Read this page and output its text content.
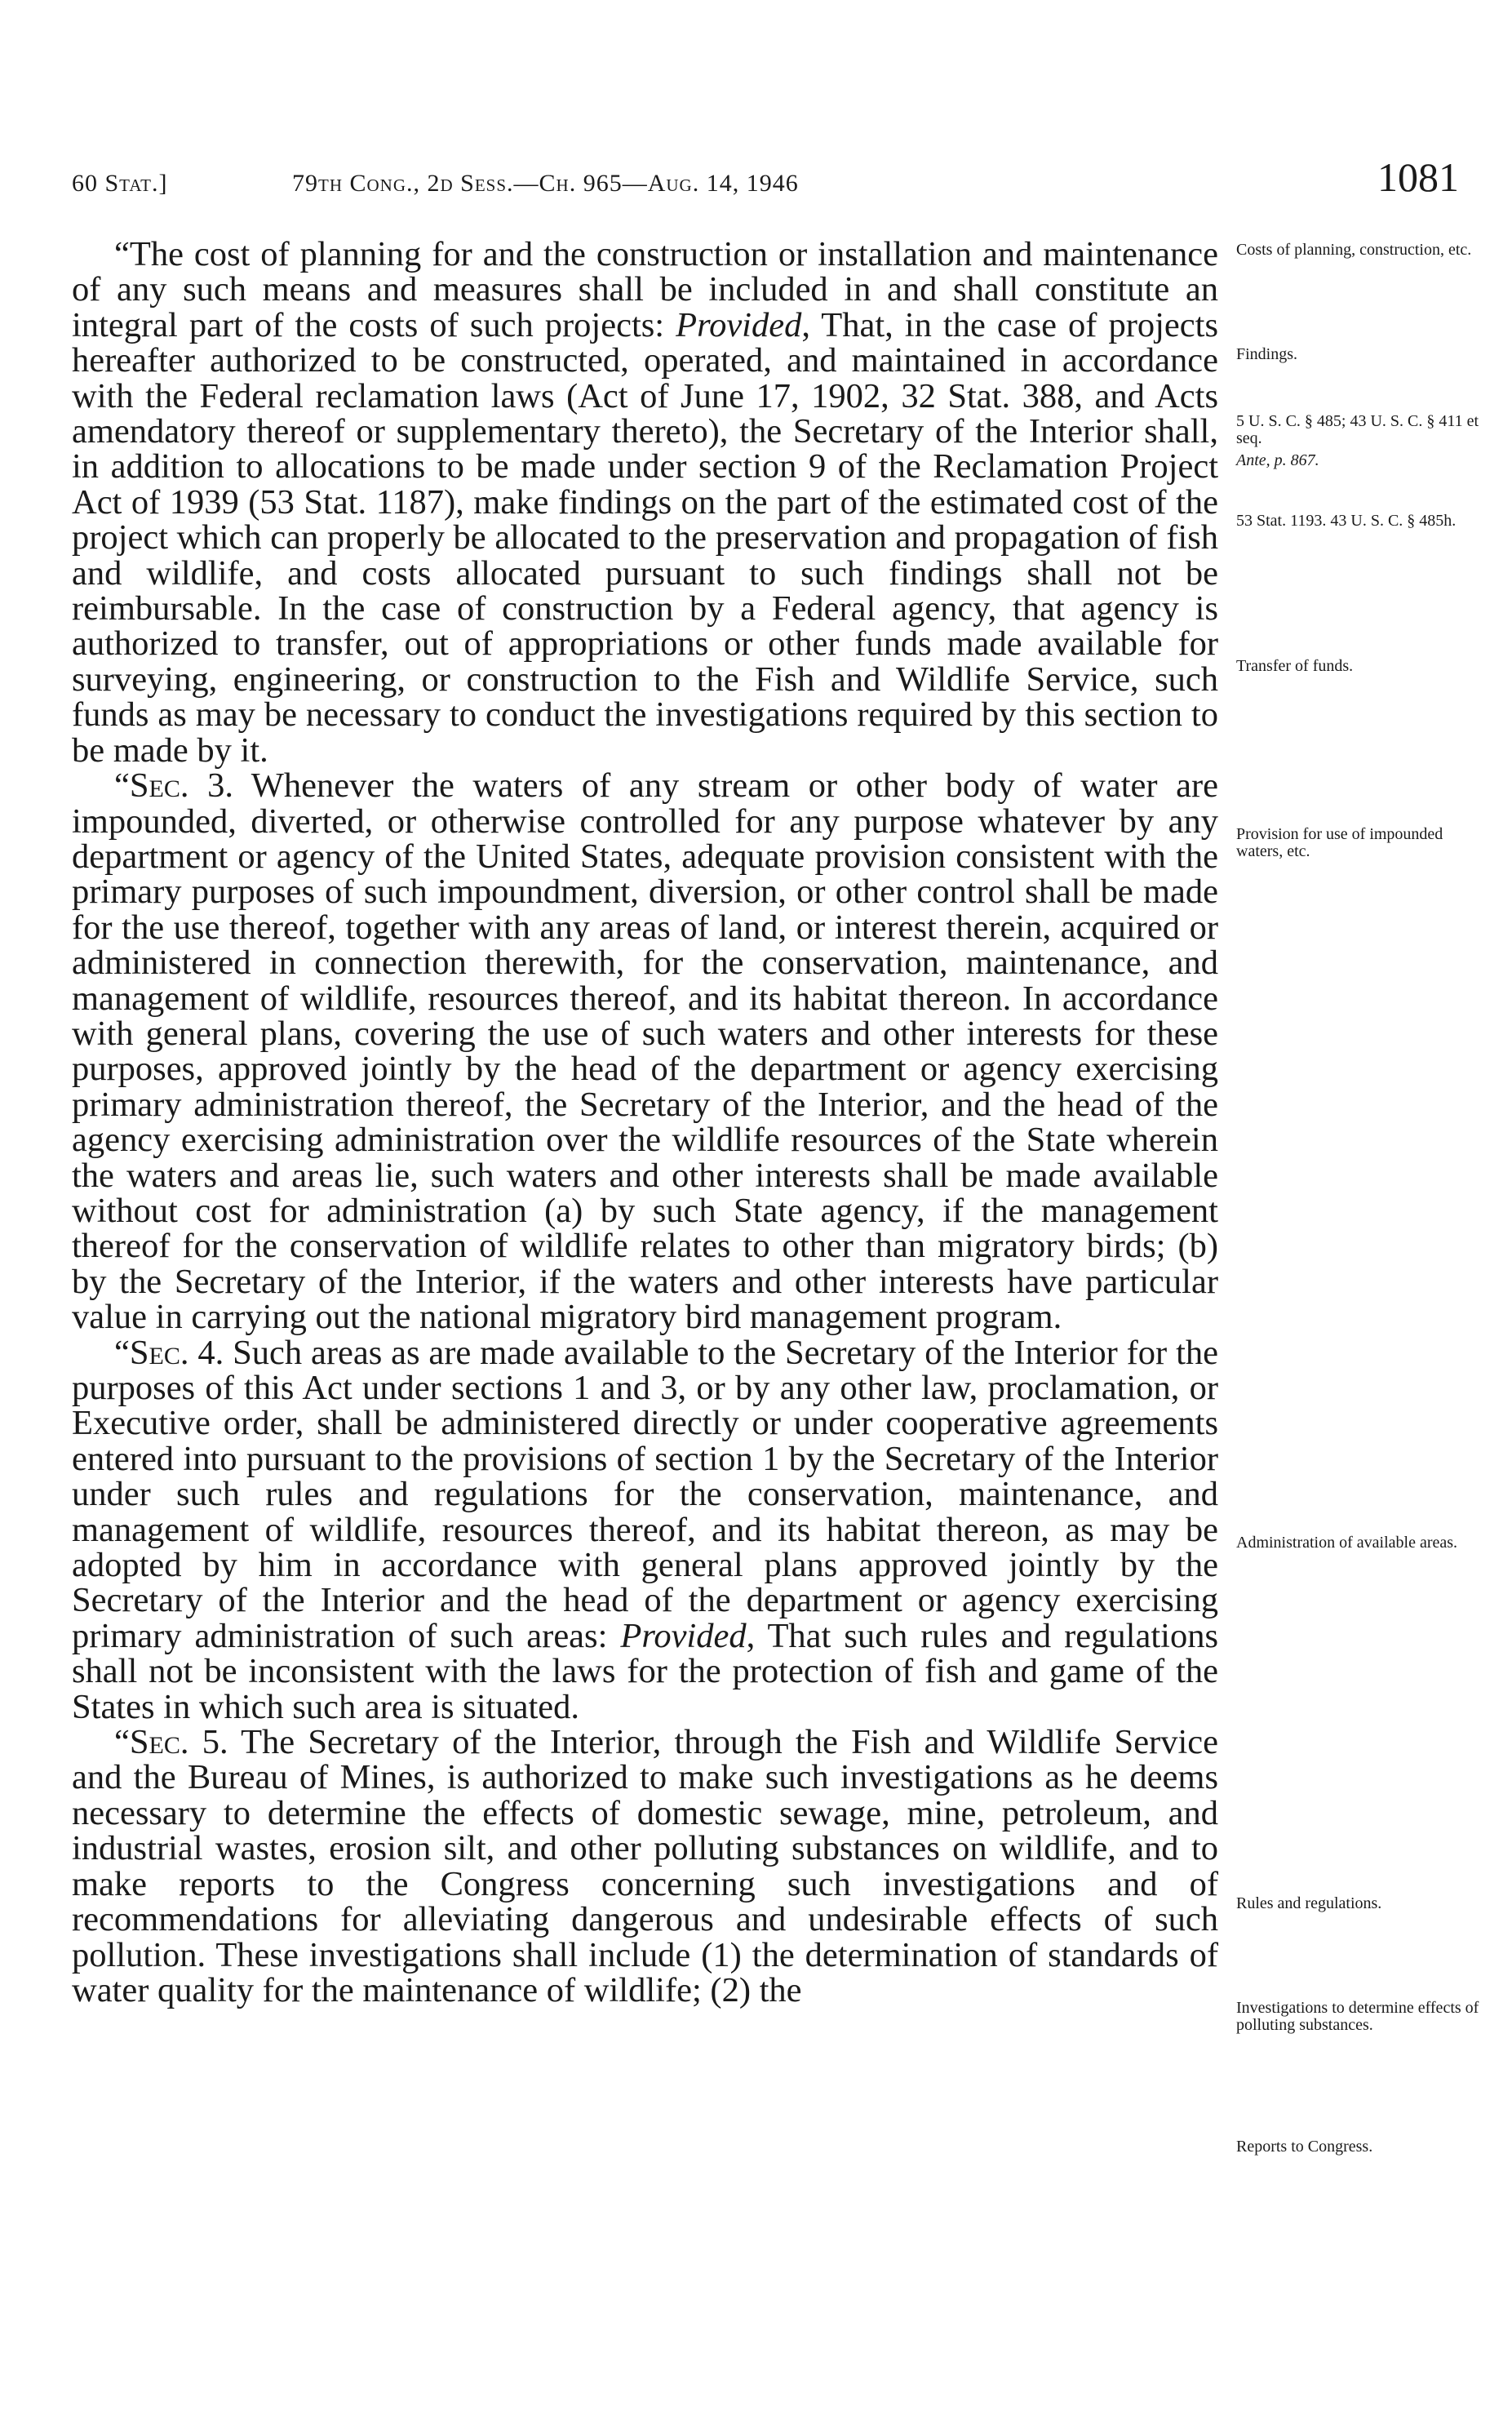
60 Stat.]	79th Cong., 2d Sess.—Ch. 965—Aug. 14, 1946	1081

“The cost of planning for and the construction or installation and maintenance of any such means and measures shall be included in and shall constitute an integral part of the costs of such projects: Provided, That, in the case of projects hereafter authorized to be constructed, operated, and maintained in accordance with the Federal reclamation laws (Act of June 17, 1902, 32 Stat. 388, and Acts amendatory thereof or supplementary thereto), the Secretary of the Interior shall, in addition to allocations to be made under section 9 of the Reclamation Project Act of 1939 (53 Stat. 1187), make findings on the part of the estimated cost of the project which can properly be allocated to the preservation and propagation of fish and wildlife, and costs allocated pursuant to such findings shall not be reimbursable. In the case of construction by a Federal agency, that agency is authorized to transfer, out of appropriations or other funds made available for surveying, engineering, or construction to the Fish and Wildlife Service, such funds as may be necessary to conduct the investigations required by this section to be made by it.

“Sec. 3. Whenever the waters of any stream or other body of water are impounded, diverted, or otherwise controlled for any purpose whatever by any department or agency of the United States, adequate provision consistent with the primary purposes of such impoundment, diversion, or other control shall be made for the use thereof, together with any areas of land, or interest therein, acquired or administered in connection therewith, for the conservation, maintenance, and management of wildlife, resources thereof, and its habitat thereon. In accordance with general plans, covering the use of such waters and other interests for these purposes, approved jointly by the head of the department or agency exercising primary administration thereof, the Secretary of the Interior, and the head of the agency exercising administration over the wildlife resources of the State wherein the waters and areas lie, such waters and other interests shall be made available without cost for administration (a) by such State agency, if the management thereof for the conservation of wildlife relates to other than migratory birds; (b) by the Secretary of the Interior, if the waters and other interests have particular value in carrying out the national migratory bird management program.

“Sec. 4. Such areas as are made available to the Secretary of the Interior for the purposes of this Act under sections 1 and 3, or by any other law, proclamation, or Executive order, shall be administered directly or under cooperative agreements entered into pursuant to the provisions of section 1 by the Secretary of the Interior under such rules and regulations for the conservation, maintenance, and management of wildlife, resources thereof, and its habitat thereon, as may be adopted by him in accordance with general plans approved jointly by the Secretary of the Interior and the head of the department or agency exercising primary administration of such areas: Provided, That such rules and regulations shall not be inconsistent with the laws for the protection of fish and game of the States in which such area is situated.

“Sec. 5. The Secretary of the Interior, through the Fish and Wildlife Service and the Bureau of Mines, is authorized to make such investigations as he deems necessary to determine the effects of domestic sewage, mine, petroleum, and industrial wastes, erosion silt, and other polluting substances on wildlife, and to make reports to the Congress concerning such investigations and of recommendations for alleviating dangerous and undesirable effects of such pollution. These investigations shall include (1) the determination of standards of water quality for the maintenance of wildlife; (2) the

Costs of planning, construction, etc.
Findings.
5 U. S. C. § 485; 43 U. S. C. § 411 et seq.
Ante, p. 867.
53 Stat. 1193. 43 U. S. C. § 485h.
Transfer of funds.
Provision for use of impounded waters, etc.
Administration of available areas.
Rules and regulations.
Investigations to determine effects of polluting substances.
Reports to Congress.
